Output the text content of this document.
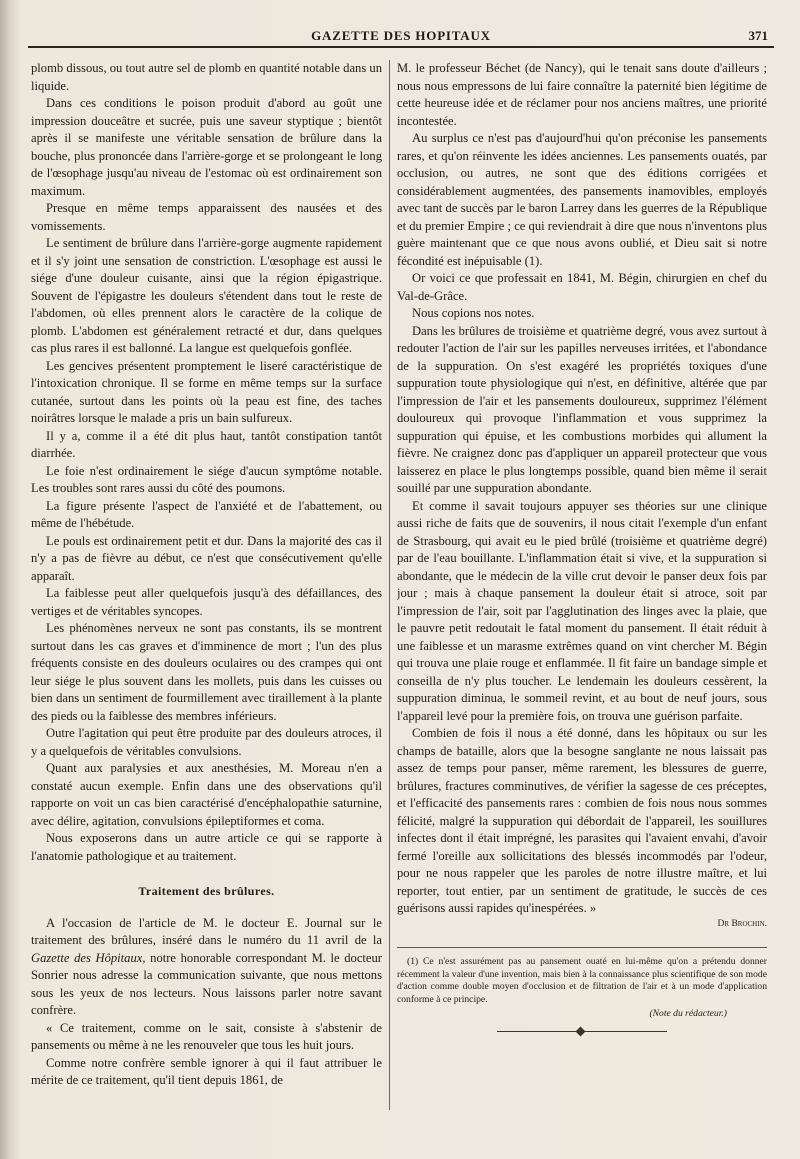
GAZETTE DES HOPITAUX	371

plomb dissous, ou tout autre sel de plomb en quantité notable dans un liquide.

Dans ces conditions le poison produit d'abord au goût une impression douceâtre et sucrée, puis une saveur styptique ; bientôt après il se manifeste une véritable sensation de brûlure dans la bouche, plus prononcée dans l'arrière-gorge et se prolongeant le long de l'œsophage jusqu'au niveau de l'estomac où est ordinairement son maximum.

Presque en même temps apparaissent des nausées et des vomissements.

Le sentiment de brûlure dans l'arrière-gorge augmente rapidement et il s'y joint une sensation de constriction. L'œsophage est aussi le siége d'une douleur cuisante, ainsi que la région épigastrique. Souvent de l'épigastre les douleurs s'étendent dans tout le reste de l'abdomen, où elles prennent alors le caractère de la colique de plomb. L'abdomen est généralement retracté et dur, dans quelques cas plus rares il est ballonné. La langue est quelquefois gonflée.

Les gencives présentent promptement le liseré caractéristique de l'intoxication chronique. Il se forme en même temps sur la surface cutanée, surtout dans les points où la peau est fine, des taches noirâtres lorsque le malade a pris un bain sulfureux.

Il y a, comme il a été dit plus haut, tantôt constipation tantôt diarrhée.

Le foie n'est ordinairement le siége d'aucun symptôme notable. Les troubles sont rares aussi du côté des poumons.

La figure présente l'aspect de l'anxiété et de l'abattement, ou même de l'hébétude.

Le pouls est ordinairement petit et dur. Dans la majorité des cas il n'y a pas de fièvre au début, ce n'est que consécutivement qu'elle apparaît.

La faiblesse peut aller quelquefois jusqu'à des défaillances, des vertiges et de véritables syncopes.

Les phénomènes nerveux ne sont pas constants, ils se montrent surtout dans les cas graves et d'imminence de mort ; l'un des plus fréquents consiste en des douleurs oculaires ou des crampes qui ont leur siége le plus souvent dans les mollets, puis dans les cuisses ou bien dans un sentiment de fourmillement avec tiraillement à la plante des pieds ou la faiblesse des membres inférieurs.

Outre l'agitation qui peut être produite par des douleurs atroces, il y a quelquefois de véritables convulsions.

Quant aux paralysies et aux anesthésies, M. Moreau n'en a constaté aucun exemple. Enfin dans une des observations qu'il rapporte on voit un cas bien caractérisé d'encéphalopathie saturnine, avec délire, agitation, convulsions épileptiformes et coma.

Nous exposerons dans un autre article ce qui se rapporte à l'anatomie pathologique et au traitement.

Traitement des brûlures.

A l'occasion de l'article de M. le docteur E. Journal sur le traitement des brûlures, inséré dans le numéro du 11 avril de la Gazette des Hôpitaux, notre honorable correspondant M. le docteur Sonrier nous adresse la communication suivante, que nous mettons sous les yeux de nos lecteurs. Nous laissons parler notre savant confrère.

« Ce traitement, comme on le sait, consiste à s'abstenir de pansements ou même à ne les renouveler que tous les huit jours.

Comme notre confrère semble ignorer à qui il faut attribuer le mérite de ce traitement, qu'il tient depuis 1861, de

M. le professeur Béchet (de Nancy), qui le tenait sans doute d'ailleurs ; nous nous empressons de lui faire connaître la paternité bien légitime de cette heureuse idée et de réclamer pour nos anciens maîtres, une priorité incontestée.

Au surplus ce n'est pas d'aujourd'hui qu'on préconise les pansements rares, et qu'on réinvente les idées anciennes. Les pansements ouatés, par occlusion, ou autres, ne sont que des éditions corrigées et considérablement augmentées, des pansements inamovibles, employés avec tant de succès par le baron Larrey dans les guerres de la République et du premier Empire ; ce qui reviendrait à dire que nous n'inventons plus guère maintenant que ce que nous avons oublié, et Dieu sait si notre fécondité est inépuisable (1).

Or voici ce que professait en 1841, M. Bégin, chirurgien en chef du Val-de-Grâce.

Nous copions nos notes.

Dans les brûlures de troisième et quatrième degré, vous avez surtout à redouter l'action de l'air sur les papilles nerveuses irritées, et l'abondance de la suppuration. On s'est exagéré les propriétés toxiques d'une suppuration toute physiologique qui n'est, en définitive, altérée que par l'impression de l'air et les pansements douloureux, supprimez l'élément douloureux qui provoque l'inflammation et vous supprimez la suppuration qui épuise, et les combustions morbides qui allument la fièvre. Ne craignez donc pas d'appliquer un appareil protecteur que vous laisserez en place le plus longtemps possible, quand bien même il serait souillé par une suppuration abondante.

Et comme il savait toujours appuyer ses théories sur une clinique aussi riche de faits que de souvenirs, il nous citait l'exemple d'un enfant de Strasbourg, qui avait eu le pied brûlé (troisième et quatrième degré) par de l'eau bouillante. L'inflammation était si vive, et la suppuration si abondante, que le médecin de la ville crut devoir le panser deux fois par jour ; mais à chaque pansement la douleur était si atroce, soit par l'impression de l'air, soit par l'agglutination des linges avec la plaie, que le pauvre petit redoutait le fatal moment du pansement. Il était réduit à une faiblesse et un marasme extrêmes quand on vint chercher M. Bégin qui trouva une plaie rouge et enflammée. Il fit faire un bandage simple et conseilla de n'y plus toucher. Le lendemain les douleurs cessèrent, la suppuration diminua, le sommeil revint, et au bout de neuf jours, sous l'appareil levé pour la première fois, on trouva une guérison parfaite.

Combien de fois il nous a été donné, dans les hôpitaux ou sur les champs de bataille, alors que la besogne sanglante ne nous laissait pas assez de temps pour panser, même rarement, les blessures de guerre, brûlures, fractures comminutives, de vérifier la sagesse de ces préceptes, et l'efficacité des pansements rares : combien de fois nous nous sommes félicité, malgré la suppuration qui débordait de l'appareil, les souillures infectes dont il était imprégné, les parasites qui l'avaient envahi, d'avoir fermé l'oreille aux sollicitations des blessés incommodés par l'odeur, pour ne nous rappeler que les paroles de notre illustre maître, et lui reporter, tout entier, par un sentiment de gratitude, le succès de ces guérisons aussi rapides qu'inespérées. »

Dr Brochin.
(1) Ce n'est assurément pas au pansement ouaté en lui-même qu'on a prétendu donner récemment la valeur d'une invention, mais bien à la connaissance plus scientifique de son mode d'action comme double moyen d'occlusion et de filtration de l'air et à un mode d'application conforme à ce principe.
(Note du rédacteur.)
